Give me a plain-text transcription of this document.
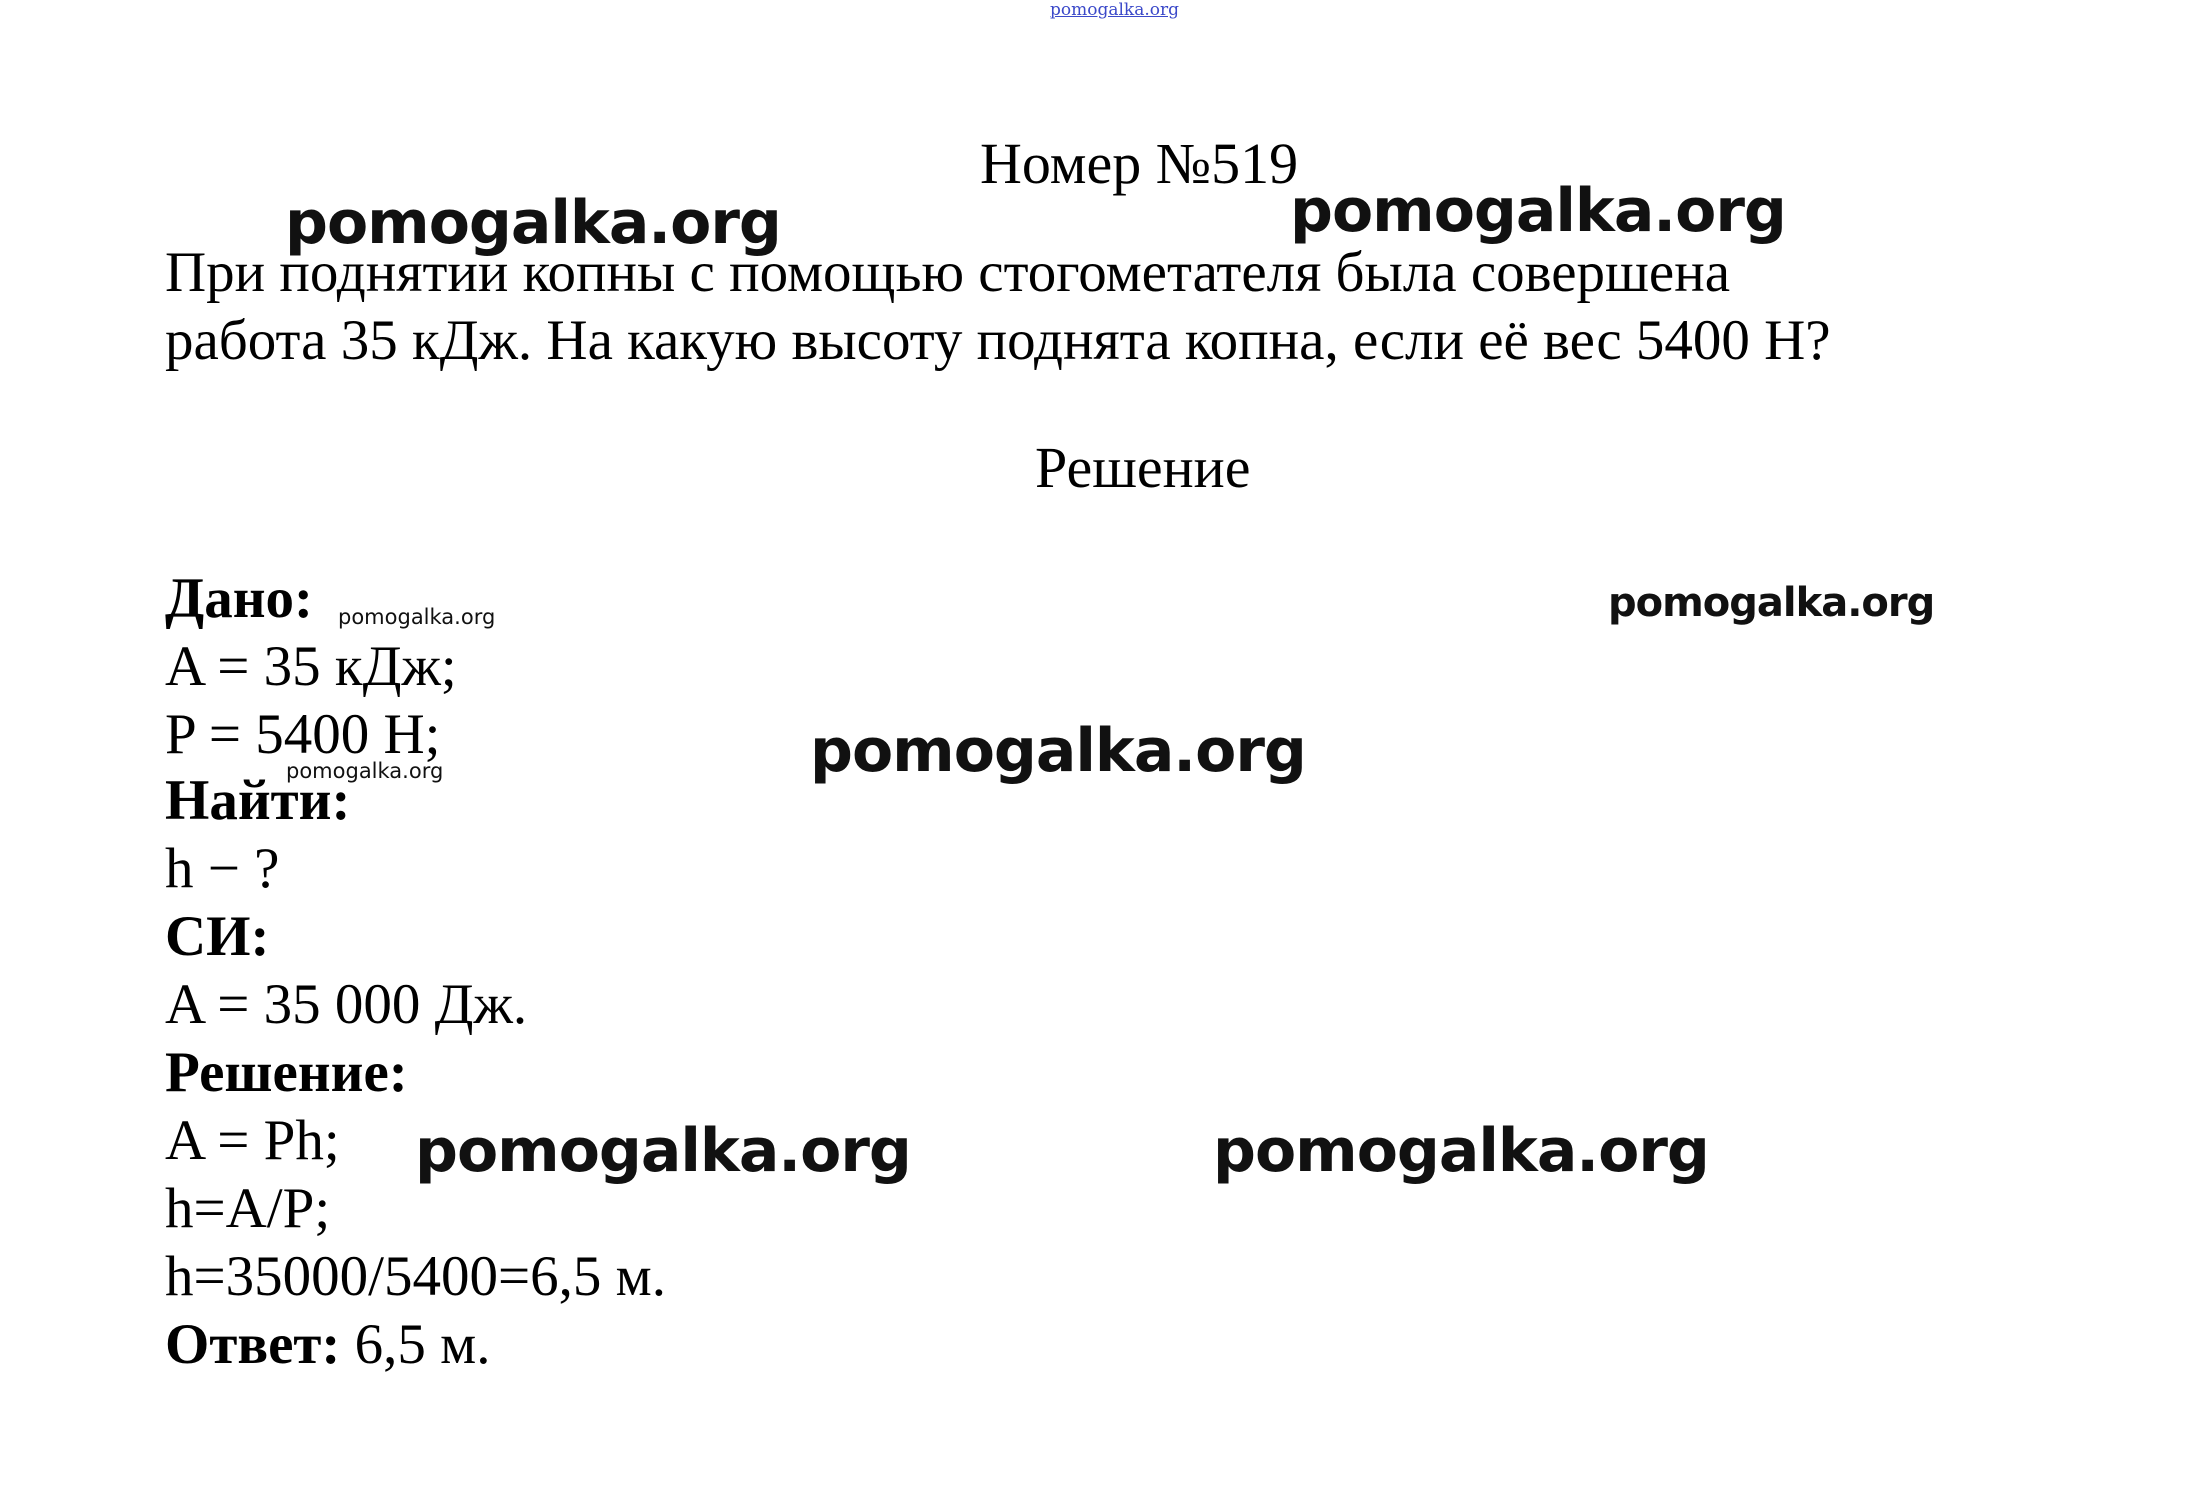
pomogalka.org
Номер №519
При поднятии копны с помощью стогометателя была совершена
работа 35 кДж. На какую высоту поднята копна, если её вес 5400 Н?
Решение
Дано:
A = 35 кДж;
P = 5400 Н;
Найти:
h − ?
СИ:
A = 35 000 Дж.
Решение:
A = Ph;
h=A/P;
h=35000/5400=6,5 м.
Ответ: 6,5 м.
pomogalka.org	pomogalka.org
pomogalka.org	pomogalka.org
pomogalka.org
pomogalka.org
pomogalka.org	pomogalka.org
